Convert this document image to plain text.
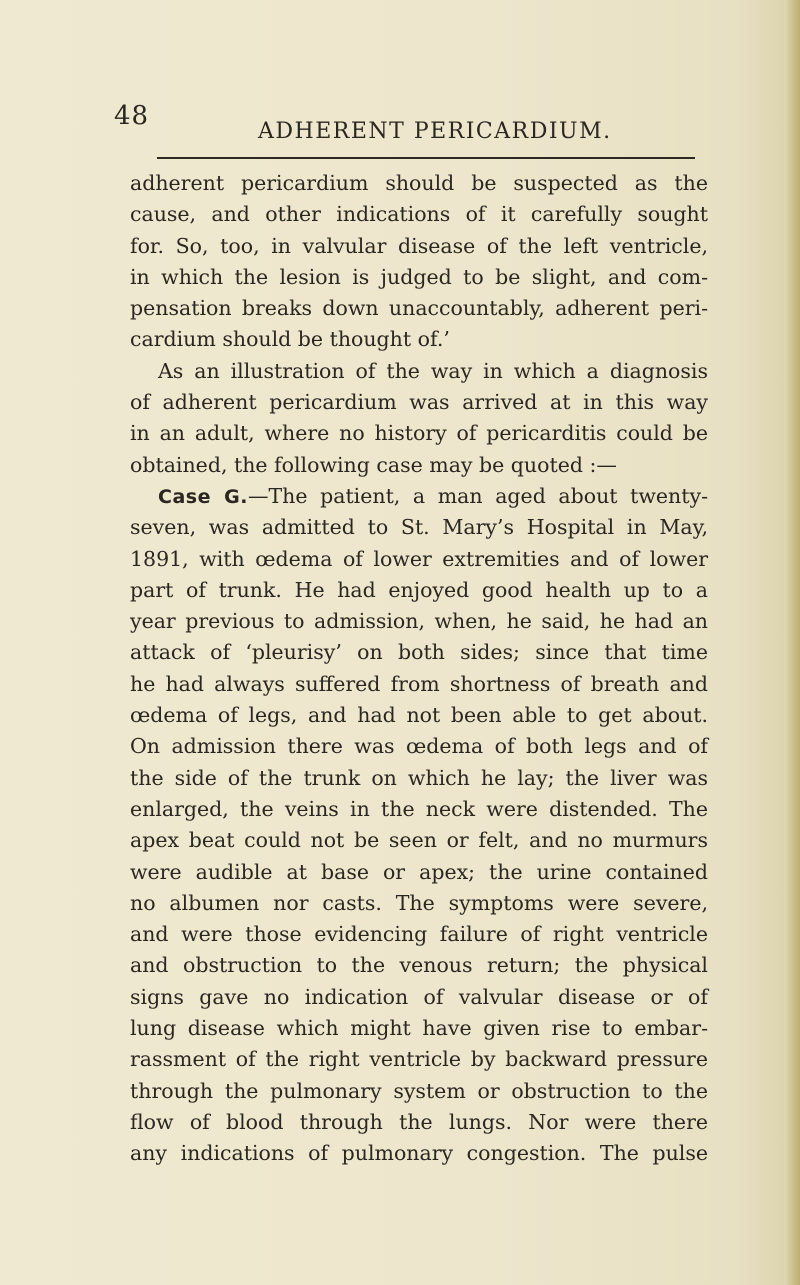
48
ADHERENT PERICARDIUM.
adherent pericardium should be suspected as the
cause, and other indications of it carefully sought
for. So, too, in valvular disease of the left ventricle,
in which the lesion is judged to be slight, and com-
pensation breaks down unaccountably, adherent peri-
cardium should be thought of.’
As an illustration of the way in which a diagnosis
of adherent pericardium was arrived at in this way
in an adult, where no history of pericarditis could be
obtained, the following case may be quoted :—
Case G.—The patient, a man aged about twenty-
seven, was admitted to St. Mary’s Hospital in May,
1891, with œdema of lower extremities and of lower
part of trunk. He had enjoyed good health up to a
year previous to admission, when, he said, he had an
attack of ‘pleurisy’ on both sides; since that time
he had always suffered from shortness of breath and
œdema of legs, and had not been able to get about.
On admission there was œdema of both legs and of
the side of the trunk on which he lay; the liver was
enlarged, the veins in the neck were distended. The
apex beat could not be seen or felt, and no murmurs
were audible at base or apex; the urine contained
no albumen nor casts. The symptoms were severe,
and were those evidencing failure of right ventricle
and obstruction to the venous return; the physical
signs gave no indication of valvular disease or of
lung disease which might have given rise to embar-
rassment of the right ventricle by backward pressure
through the pulmonary system or obstruction to the
flow of blood through the lungs. Nor were there
any indications of pulmonary congestion. The pulse
